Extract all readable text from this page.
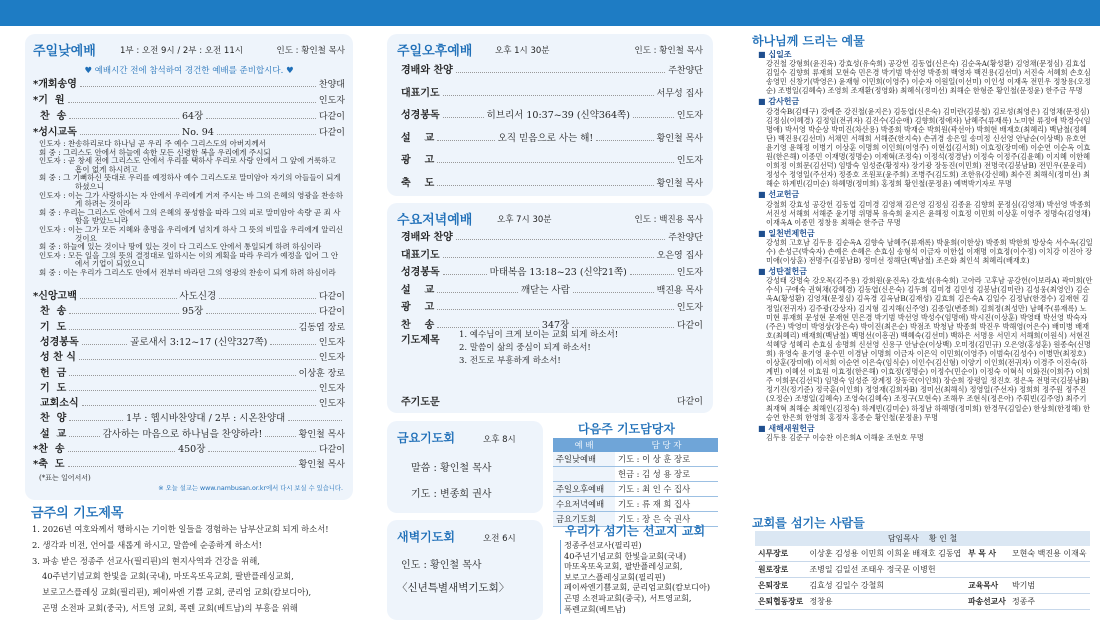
주일낮예배	1부 : 오전 9시 / 2부 : 오전 11시	인도 : 황인철 목사
♥ 예배시간 전에 참석하여 경건한 예배를 준비합시다. ♥
*개회송영	찬양대
*기  원	인도자
찬  송	64장	다같이
*성시교독	No. 94	다같이
인도자 : 찬송하리로다 하나님 곧 우리 주 예수 그리스도의 아버지께서
회 중 : 그리스도 안에서 하늘에 속한 모든 신령한 복을 우리에게 주시되
인도자 : 곧 창세 전에 그리스도 안에서 우리를 택하사 우리로 사랑 안에서 그 앞에 거룩하고 흠이 없게 하시려고
회 중 : 그 기뻐하신 뜻대로 우리를 예정하사 예수 그리스도로 말미암아 자기의 아들들이 되게 하셨으니
인도자 : 이는 그가 사랑하시는 자 안에서 우리에게 거저 주시는 바 그의 은혜의 영광을 찬송하게 하려는 것이라
회 중 : 우리는 그리스도 안에서 그의 은혜의 풍성함을 따라 그의 피로 말미암아 속량 곧 죄 사함을 받았느니라
인도자 : 이는 그가 모든 지혜와 총명을 우리에게 넘치게 하사 그 뜻의 비밀을 우리에게 알리신 것이요
회 중 : 하늘에 있는 것이나 땅에 있는 것이 다 그리스도 안에서 통일되게 하려 하심이라
인도자 : 모든 일을 그의 뜻의 결정대로 일하시는 이의 계획을 따라 우리가 예정을 입어 그 안에서 기업이 되었으니
회 중 : 이는 우리가 그리스도 안에서 전부터 바라던 그의 영광의 찬송이 되게 하려 하심이라
*신앙고백	사도신경	다같이
찬  송	95장	다같이
기  도	김동엽 장로
성경봉독	골로새서 3:12~17 (신약327쪽)	인도자
성 찬 식	인도자
헌  금	이상훈 장로
기  도	인도자
교회소식	인도자
찬  양	1부 : 헵시바찬양대 / 2부 : 시온찬양대
설  교	감사하는 마음으로 하나님을 찬양하라!	황인철 목사
*찬  송	450장	다같이
*축  도	황인철 목사
(*표는 일어서서)
※ 오늘 설교는 www.nambusan.or.kr에서 다시 보실 수 있습니다.
금주의 기도제목
1. 2026년 여호와께서 행하시는 기이한 일들을 경험하는 남부산교회 되게 하소서!
2. 생각과 비전, 언어를 새롭게 하시고, 말씀에 순종하게 하소서!
3. 파송 받은 정종주 선교사(필리핀)의 현지사역과 건강을 위해,
40주년기념교회 한빛을 교회(국내), 마또옥또옥교회, 팔반플레싱교회,
보로고스플레싱 교회(필리핀), 페이싸엔 기쁨 교회, 쿤리엄 교회(캄보디아),
곤명 소전파 교회(중국), 서트영 교회, 폭렌 교회(베트남)의 부흥을 위해
주일오후예배	오후 1시 30분	인도 : 황인철 목사
경배와 찬양	주찬양단
대표기도	서무성 집사
성경봉독	히브리서 10:37~39 (신약364쪽)	인도자
설    교	오직 믿음으로 사는 해!	황인철 목사
광    고	인도자
축    도	황인철 목사
수요저녁예배	오후 7시 30분	인도 : 백진용 목사
경배와 찬양	주찬양단
대표기도	오은영 집사
성경봉독	마태복음 13:18~23 (신약21쪽)	인도자
설    교	깨닫는 사람	백진용 목사
광    고	인도자
찬    송	347장	다같이
기도제목 1. 예수님이 크게 보이는 교회 되게 하소서!
2. 말씀이 삶의 중심이 되게 하소서!
3. 전도로 부흥하게 하소서!
주기도문	다같이
금요기도회	오후 8시
말씀 : 황인철 목사
기도 : 변종희 권사
새벽기도회	오전 6시
인도 : 황인철 목사
〈신년특별새벽기도회〉
다음주 기도담당자
예 배	담 당 자
주일낮예배	기도 : 이 상 훈 장로
	헌금 : 김 성 용 장로
주일오후예배	기도 : 최 인 수 집사
수요저녁예배	기도 : 류 재 희 집사
금요기도회	기도 : 장 은 숙 권사
우리가 섬기는 선교지 교회
정종주선교사(필리핀)
40주년기념교회 한빛을교회(국내)
마또옥또옥교회, 팔반플레싱교회,
보로고스플레싱교회(필리핀)
페이싸엔기쁨교회, 쿤리엄교회(캄보디아)
곤명 소전파교회(중국), 서트영교회,
폭렌교회(베트남)
하나님께 드리는 예물
■ 십일조
강진철 강형희(윤진옥) 강효성(유숙희) 공강헌 김동엽(신은숙) 김순옥A(황성환) 김영채(문정심) 김효섭 김일수 김향희 류재희 모현숙 민은경 박기범 박선영 박종희 백영자 백진용(김선미) 서진숙 서혜희 손호심 송영민 신창기(박영은) 윤재형 이민희(이영주) 이순자 이원일(이선미) 이인성 이재옥 전민우 정창용(오정순) 조병일(김혜숙) 조영희 조재환(정영화) 최혜식(정미선) 최해순 한형준 황인철(문정윤) 한주금 무명
■ 감사헌금
강경숙B(김태구) 강예준 강진철(윤지은) 김동엽(신은숙) 김미란(김봉철) 김로성(최영은) 김영채(문정심) 김정심(이혜경) 김정임(전귀자) 김진수(김순애) 김향희(정애자) 남혜주(류재록) 노미현 류정애 박경수(임명애) 박서영 박순상 박미진(차산용) 박종희 박재순 박희원(곽선아) 박희현 배재호(최혜리) 백남철(정혜단) 백진용(김선미) 서채민 서해희 서해준(한지숙) 손귀경 송은일 송미정 신선영 안남순(이상백) 유호연 윤기영 윤해정 이병기 이상훈 이명희 이인희(이영주) 이현섭(김서희) 이효정(장미애) 이순연 이순옥 이효원(한은해) 이종민 이재명(정명순) 이재혁(조정숙) 이정석(정경남) 이정숙 이정주(김윤혜) 이지혜 이한혜 이희정 이희문(김선덕) 임방숙 임성준(황정자) 장기광 장동진(이민희) 전명국(김봉남B) 전민우(문윤리) 정성수 정영일(주선자) 정종호 조원포(윤주희) 조병주(김도희) 조한유(강신혜) 최수진 최해식(정미선) 최해순 하계빈(김미순) 하혜명(정미희) 홍정희 황인철(문정윤) 예벽박기자로 무명
■ 선교헌금
강철희 강효성 공강헌 김동엽 김미경 김영채 김은영 김정심 김종윤 김향희 문정심(김영채) 박선영 박종희 서진성 서해희 서해준 윤기명 위명복 유숙희 윤지은 윤해정 이효정 이민희 이상훈 이영주 정명숙(김영채) 이재옥A 이종민 정창용 최해순 한주금 무명
■ 일천번제헌금
강성희 고호남 김두용 김순옥A 김향숙 남혜주(류재록) 박윤희(이한상) 박종희 박한희 방상숙 서수옥(김일수) 손성근(박숙자) 손예은 손혜은 손효심 송형석 이금자 이한섭 이재명 이효정(이수정) 이치강 이진아 장미애(이상훈) 전명주(김봉남B) 정미선 정해단(백남철) 조은화 최인석 최혜리(배재호)
■ 성탄절헌금
강성태 강명숙 강오목(김주용) 강희원(윤진옥) 강효성(유숙희) 고아라 고후남 공강헌(이보라A) 곽미희(안수식) 구애숙 권혁채(강혜경) 김동엽(신은숙) 김두희 김미경 김민성 김봉남(김미란) 김성웅(최영인) 김순옥A(황성환) 김영채(문정심) 김옥경 김옥남B(김재성) 김효희 김은숙A 김일수 김정남(한경수) 김재현 김정일(전귀자) 김주광(강상자) 김지형 김지해(신주영) 김종일(변종희) 김희정(최성만) 남혜주(류재록) 노미현 류재희 문성현 문재현 민은경 박기범 박선영 박성수(임명애) 박시진(이상훈) 박영태 박선영 박숙자(주은) 박영미 박영상(장은숙) 박이진(최은순) 박점조 박청남 박종희 박진우 박해영(어은수) 배미병 배재호(최혜리) 배재희(백남철) 백명선(이흥권) 백혜숙(김선미) 백하은 서명용 서민지 서해희(이원식) 서현진 석혜당 성혜리 손효심 송명희 신선영 신용구 안남순(이상백) 오미정(김민규) 오은영(홍성훈) 원종숙(신명희) 유영숙 윤기영 윤수민 이경남 이명희 이금자 이은익 이민희(이영주) 이범숙(김성수) 이병만(최정호) 이상훈(장미애) 이서희 이순연 이은숙(임식순) 이인수(김신형) 이양기 이인희(전귀자) 이경주 이진숙(하계빈) 이혜선 이효원 이효정(한은해) 이효정(정명순) 이정수(민순이) 이정숙 이혁식 이화진(이희주) 이희주 이희문(김선덕) 임명숙 임성준 장계정 장동국(이인희) 장순희 장평일 정진호 정은옥 전명국(김봉남B) 정기진(정기준) 정국훈(이인희) 정영재(김희자B) 정미선(최해식) 정영일(주선자) 정희희 정주원 정주진(오정순) 조병일(김혜숙) 조영숙(김혜숙) 조정구(모현숙) 조해우 조현식(정은아) 주휘빈(김주영) 최주기 최재혁 최해순 최해인(김정숙) 하계빈(김미순) 하정남 하해명(정미희) 한경무(김일순) 한상희(한정해) 한승연 한은희 한영희 홍정자 홍종순 황인철(문정윤) 무명
■ 새해새원헌금
김두용 김준구 이승찬 이은희A 이해윤 조현호 무명
교회를 섬기는 사람들
담임목사 황 인 철			
시무장로	이상훈 김성용 이민희 이희윤 배재호 김동엽	부 목 사	모현숙 백진용 이재욱
원로장로	조병일 김일선 조태우 정국문 이병헌		
은퇴장로	김효성 김일수 강철희	교육목사	박기범
은퇴협동장로	정창용	파송선교사	정종주
